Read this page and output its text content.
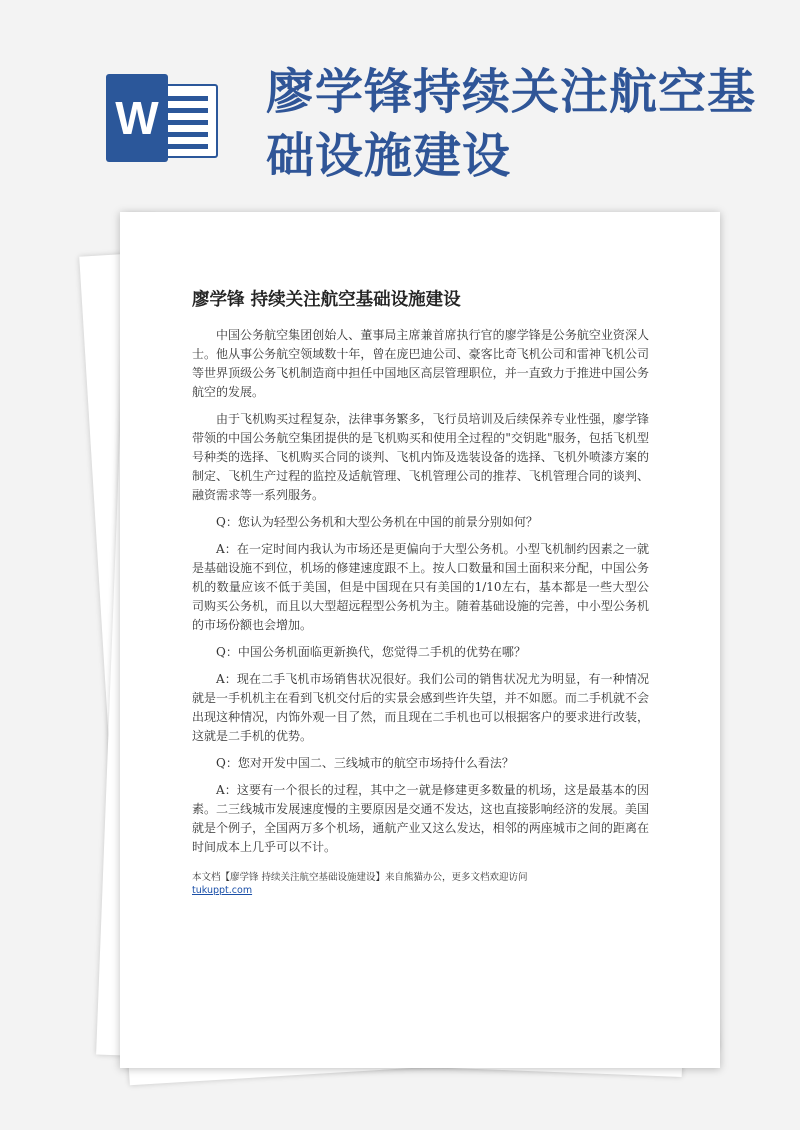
W 廖学锋持续关注航空基础设施建设
廖学锋 持续关注航空基础设施建设

中国公务航空集团创始人、董事局主席兼首席执行官的廖学锋是公务航空业资深人士。他从事公务航空领域数十年，曾在庞巴迪公司、豪客比奇飞机公司和雷神飞机公司等世界顶级公务飞机制造商中担任中国地区高层管理职位，并一直致力于推进中国公务航空的发展。

由于飞机购买过程复杂，法律事务繁多，飞行员培训及后续保养专业性强，廖学锋带领的中国公务航空集团提供的是飞机购买和使用全过程的"交钥匙"服务，包括飞机型号种类的选择、飞机购买合同的谈判、飞机内饰及选装设备的选择、飞机外喷漆方案的制定、飞机生产过程的监控及适航管理、飞机管理公司的推荐、飞机管理合同的谈判、融资需求等一系列服务。

Q：您认为轻型公务机和大型公务机在中国的前景分别如何？

A：在一定时间内我认为市场还是更偏向于大型公务机。小型飞机制约因素之一就是基础设施不到位，机场的修建速度跟不上。按人口数量和国土面积来分配，中国公务机的数量应该不低于美国，但是中国现在只有美国的1/10左右，基本都是一些大型公司购买公务机，而且以大型超远程型公务机为主。随着基础设施的完善，中小型公务机的市场份额也会增加。

Q：中国公务机面临更新换代，您觉得二手机的优势在哪？

A：现在二手飞机市场销售状况很好。我们公司的销售状况尤为明显，有一种情况就是一手机机主在看到飞机交付后的实景会感到些许失望，并不如愿。而二手机就不会出现这种情况，内饰外观一目了然，而且现在二手机也可以根据客户的要求进行改装，这就是二手机的优势。

Q：您对开发中国二、三线城市的航空市场持什么看法？

A：这要有一个很长的过程，其中之一就是修建更多数量的机场，这是最基本的因素。二三线城市发展速度慢的主要原因是交通不发达，这也直接影响经济的发展。美国就是个例子，全国两万多个机场，通航产业又这么发达，相邻的两座城市之间的距离在时间成本上几乎可以不计。

本文档【廖学锋 持续关注航空基础设施建设】来自熊猫办公，更多文档欢迎访问
tukuppt.com
